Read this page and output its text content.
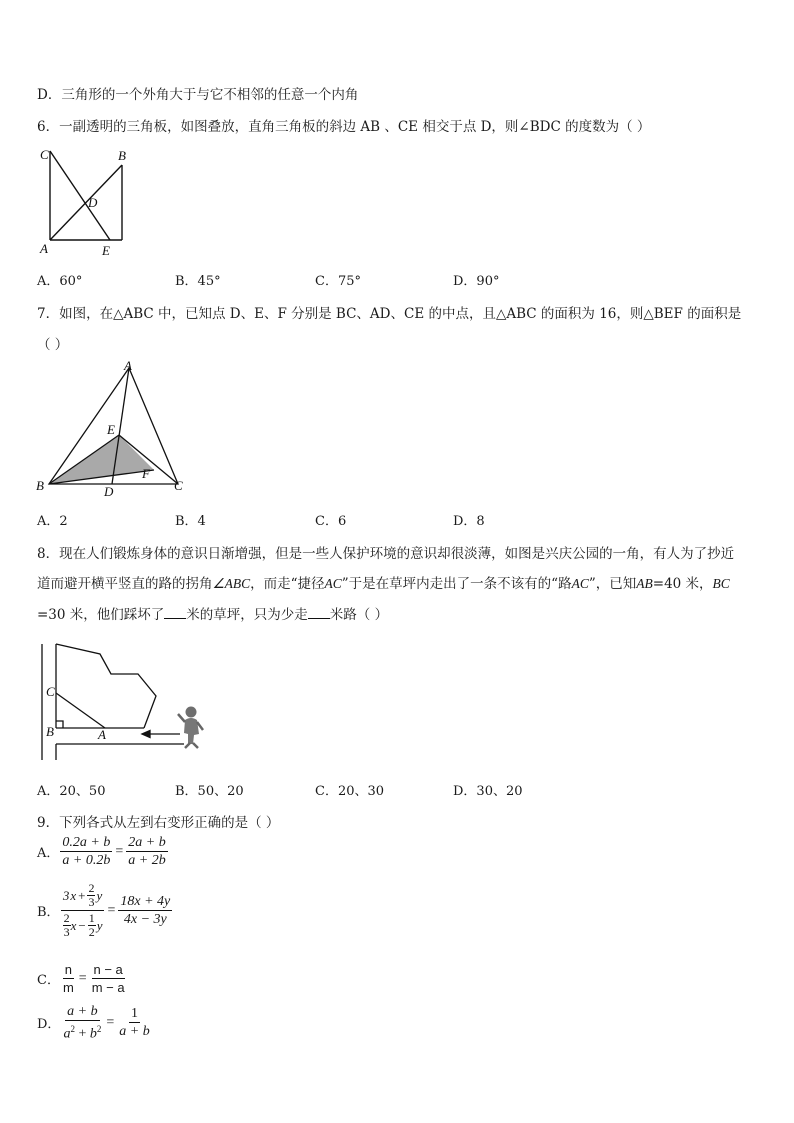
D．三角形的一个外角大于与它不相邻的任意一个内角
6．一副透明的三角板，如图叠放，直角三角板的斜边 AB 、CE 相交于点 D，则∠BDC 的度数为（ ）
C	B
D
A	E
A．60°	B．45°	C．75°	D．90°
7．如图，在△ABC 中，已知点 D、E、F 分别是 BC、AD、CE 的中点，且△ABC 的面积为 16，则△BEF 的面积是
（ ）
A
E
F
B	D	C
A．2	B．4	C．6	D．8
8．现在人们锻炼身体的意识日渐增强，但是一些人保护环境的意识却很淡薄，如图是兴庆公园的一角，有人为了抄近
道而避开横平竖直的路的拐角∠ABC，而走“捷径AC”于是在草坪内走出了一条不该有的“路AC”，已知AB=40 米，BC
=30 米，他们踩坏了 米的草坪，只为少走 米路（ ）
C
B	A
A．20、50	B．50、20	C．20、30	D．30、20
9．下列各式从左到右变形正确的是（ ）
A． $\frac{0.2a + b}{a + 0.2b} = \frac{2a + b}{a + 2b}$
B． $\frac{3 x + \frac{2}{3} y}{\frac{2}{3} x - \frac{1}{2} y} = \frac{18x + 4y}{4x - 3y}$
C． $\frac{n}{m} = \frac{n - a}{m - a}$
D． $\frac{a + b}{a^2 + b^2} = \frac{1}{a + b}$
